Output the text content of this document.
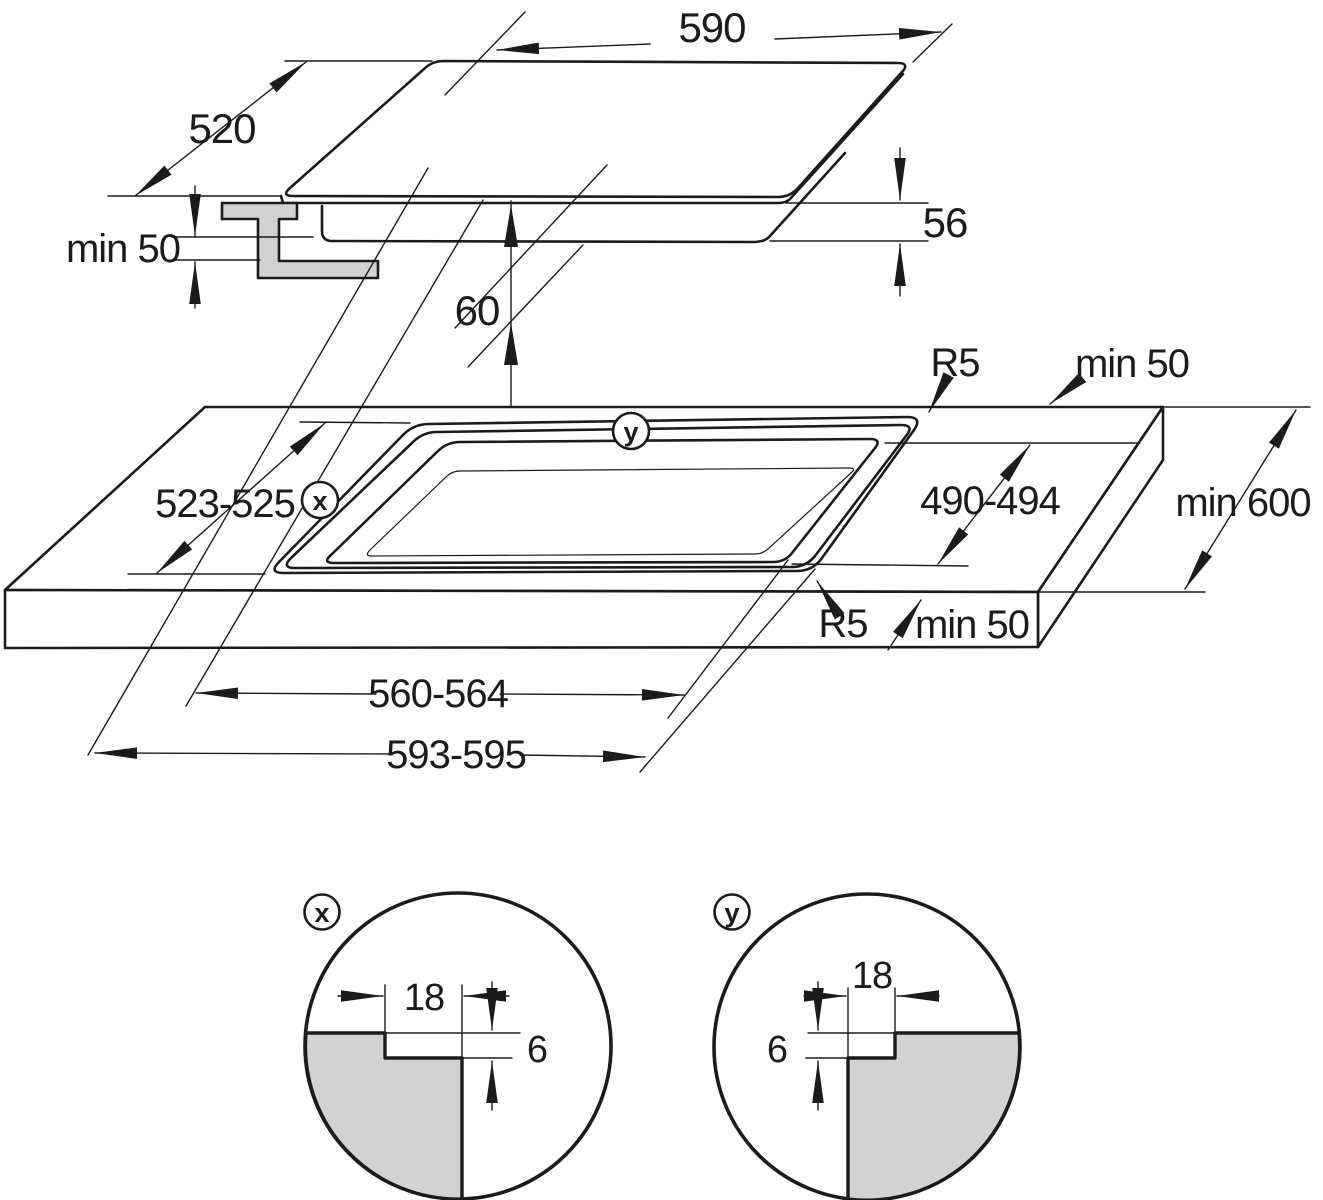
590
520
min 50
56
60
R5 min 50
min 600
523-525	490-494
R5 min 50
560-564
593-595
x
y
x
18
6
y
18
6
